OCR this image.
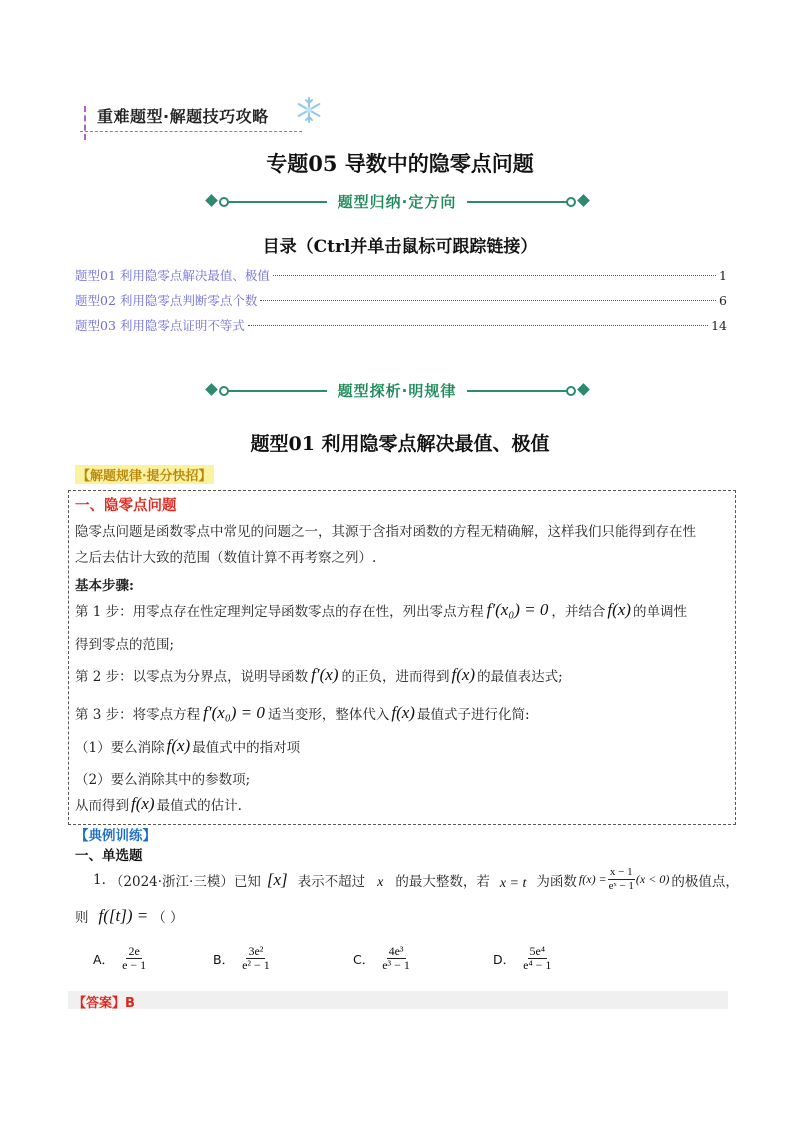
重难题型·解题技巧攻略
专题05 导数中的隐零点问题
题型归纳·定方向
目录（Ctrl并单击鼠标可跟踪链接）
题型01 利用隐零点解决最值、极值	1
题型02 利用隐零点判断零点个数	6
题型03 利用隐零点证明不等式	14
题型探析·明规律
题型01 利用隐零点解决最值、极值
【解题规律·提分快招】
一、隐零点问题
隐零点问题是函数零点中常见的问题之一，其源于含指对函数的方程无精确解，这样我们只能得到存在性
之后去估计大致的范围（数值计算不再考察之列）.
基本步骤:
第 1 步：用零点存在性定理判定导函数零点的存在性，列出零点方程 f′(x₀) = 0 ，并结合 f(x) 的单调性
得到零点的范围;
第 2 步：以零点为分界点，说明导函数 f′(x) 的正负，进而得到 f(x) 的最值表达式;
第 3 步：将零点方程 f′(x₀) = 0 适当变形，整体代入 f(x) 最值式子进行化简:
（1）要么消除 f(x) 最值式中的指对项
（2）要么消除其中的参数项;
从而得到 f(x) 最值式的估计.
【典例训练】
一、单选题
1. （2024·浙江·三模）已知 [x] 表示不超过 x 的最大整数，若 x = t 为函数 $f(x) = \frac{x - 1}{\text{eˣ − 1}} (x < 0)$ 的极值点，
则 f([t]) = （ ）
A． $\frac{2e}{e - 1}$	B． $\frac{\text{3e²}}{\text{e² − 1}}$	C． $\frac{\text{4e³}}{\text{e³ − 1}}$	D． $\frac{\text{5e⁴}}{\text{e⁴ − 1}}$
【答案】B
